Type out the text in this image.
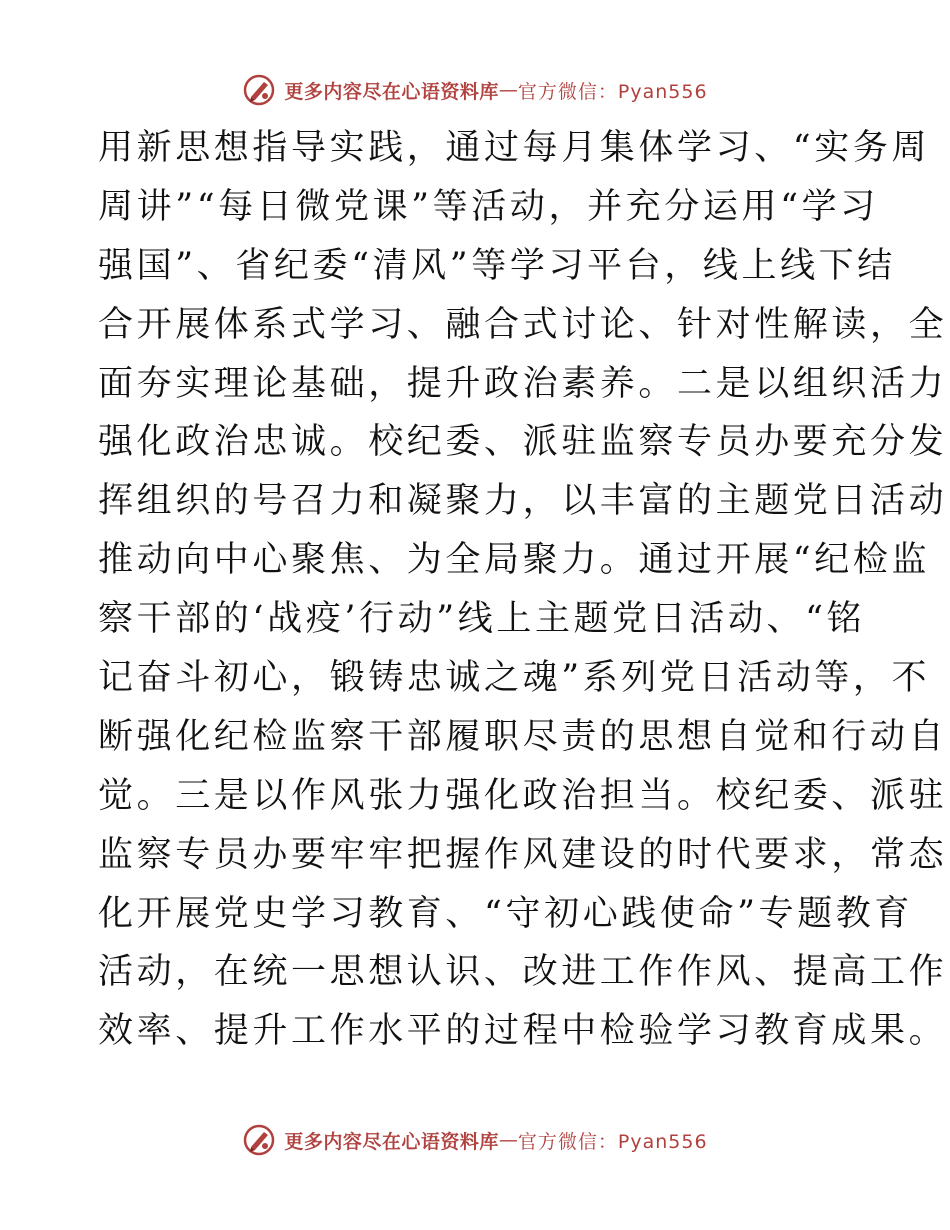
更多内容尽在心语资料库 — 官方微信：Pyan556
用新思想指导实践，通过每月集体学习、“实务周
周讲”“每日微党课”等活动，并充分运用“学习
强国”、省纪委“清风”等学习平台，线上线下结
合开展体系式学习、融合式讨论、针对性解读，全
面夯实理论基础，提升政治素养。二是以组织活力
强化政治忠诚。校纪委、派驻监察专员办要充分发
挥组织的号召力和凝聚力，以丰富的主题党日活动
推动向中心聚焦、为全局聚力。通过开展“纪检监
察干部的‘战疫’行动”线上主题党日活动、“铭
记奋斗初心，锻铸忠诚之魂”系列党日活动等，不
断强化纪检监察干部履职尽责的思想自觉和行动自
觉。三是以作风张力强化政治担当。校纪委、派驻
监察专员办要牢牢把握作风建设的时代要求，常态
化开展党史学习教育、“守初心践使命”专题教育
活动，在统一思想认识、改进工作作风、提高工作
效率、提升工作水平的过程中检验学习教育成果。
更多内容尽在心语资料库 — 官方微信：Pyan556
